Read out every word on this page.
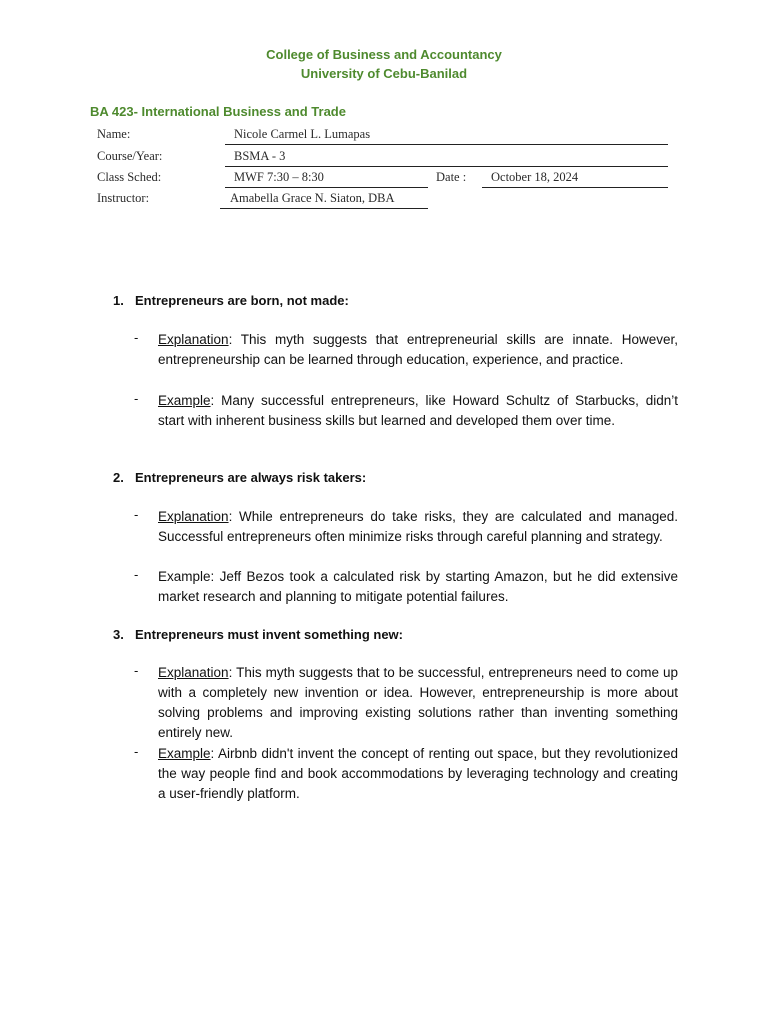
College of Business and Accountancy
University of Cebu-Banilad
BA 423- International Business and Trade
Name:	Nicole Carmel L. Lumapas
Course/Year:	BSMA - 3
Class Sched:	MWF 7:30 – 8:30	Date :	October 18, 2024
Instructor:	Amabella Grace N. Siaton, DBA
1. Entrepreneurs are born, not made:
- Explanation: This myth suggests that entrepreneurial skills are innate. However, entrepreneurship can be learned through education, experience, and practice.
- Example: Many successful entrepreneurs, like Howard Schultz of Starbucks, didn’t start with inherent business skills but learned and developed them over time.
2. Entrepreneurs are always risk takers:
- Explanation: While entrepreneurs do take risks, they are calculated and managed. Successful entrepreneurs often minimize risks through careful planning and strategy.
- Example: Jeff Bezos took a calculated risk by starting Amazon, but he did extensive market research and planning to mitigate potential failures.
3. Entrepreneurs must invent something new:
- Explanation: This myth suggests that to be successful, entrepreneurs need to come up with a completely new invention or idea. However, entrepreneurship is more about solving problems and improving existing solutions rather than inventing something entirely new.
- Example: Airbnb didn't invent the concept of renting out space, but they revolutionized the way people find and book accommodations by leveraging technology and creating a user-friendly platform.
